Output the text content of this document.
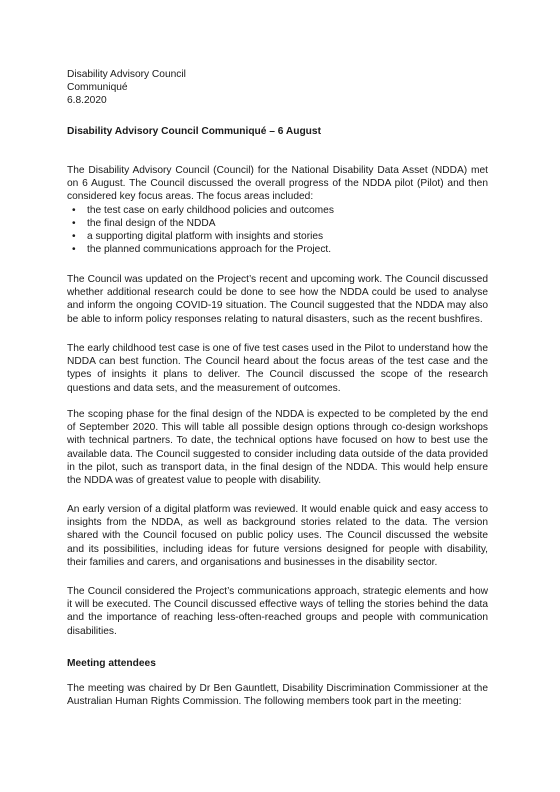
Disability Advisory Council

Communiqué

6.8.2020

Disability Advisory Council Communiqué – 6 August

The Disability Advisory Council (Council) for the National Disability Data Asset (NDDA) met on 6 August. The Council discussed the overall progress of the NDDA pilot (Pilot) and then considered key focus areas. The focus areas included:

• the test case on early childhood policies and outcomes
• the final design of the NDDA
• a supporting digital platform with insights and stories
• the planned communications approach for the Project.

The Council was updated on the Project’s recent and upcoming work. The Council discussed whether additional research could be done to see how the NDDA could be used to analyse and inform the ongoing COVID-19 situation. The Council suggested that the NDDA may also be able to inform policy responses relating to natural disasters, such as the recent bushfires.

The early childhood test case is one of five test cases used in the Pilot to understand how the NDDA can best function. The Council heard about the focus areas of the test case and the types of insights it plans to deliver. The Council discussed the scope of the research questions and data sets, and the measurement of outcomes.

The scoping phase for the final design of the NDDA is expected to be completed by the end of September 2020. This will table all possible design options through co-design workshops with technical partners. To date, the technical options have focused on how to best use the available data. The Council suggested to consider including data outside of the data provided in the pilot, such as transport data, in the final design of the NDDA. This would help ensure the NDDA was of greatest value to people with disability.

An early version of a digital platform was reviewed. It would enable quick and easy access to insights from the NDDA, as well as background stories related to the data. The version shared with the Council focused on public policy uses. The Council discussed the website and its possibilities, including ideas for future versions designed for people with disability, their families and carers, and organisations and businesses in the disability sector.

The Council considered the Project’s communications approach, strategic elements and how it will be executed. The Council discussed effective ways of telling the stories behind the data and the importance of reaching less-often-reached groups and people with communication disabilities.

Meeting attendees

The meeting was chaired by Dr Ben Gauntlett, Disability Discrimination Commissioner at the Australian Human Rights Commission. The following members took part in the meeting:
